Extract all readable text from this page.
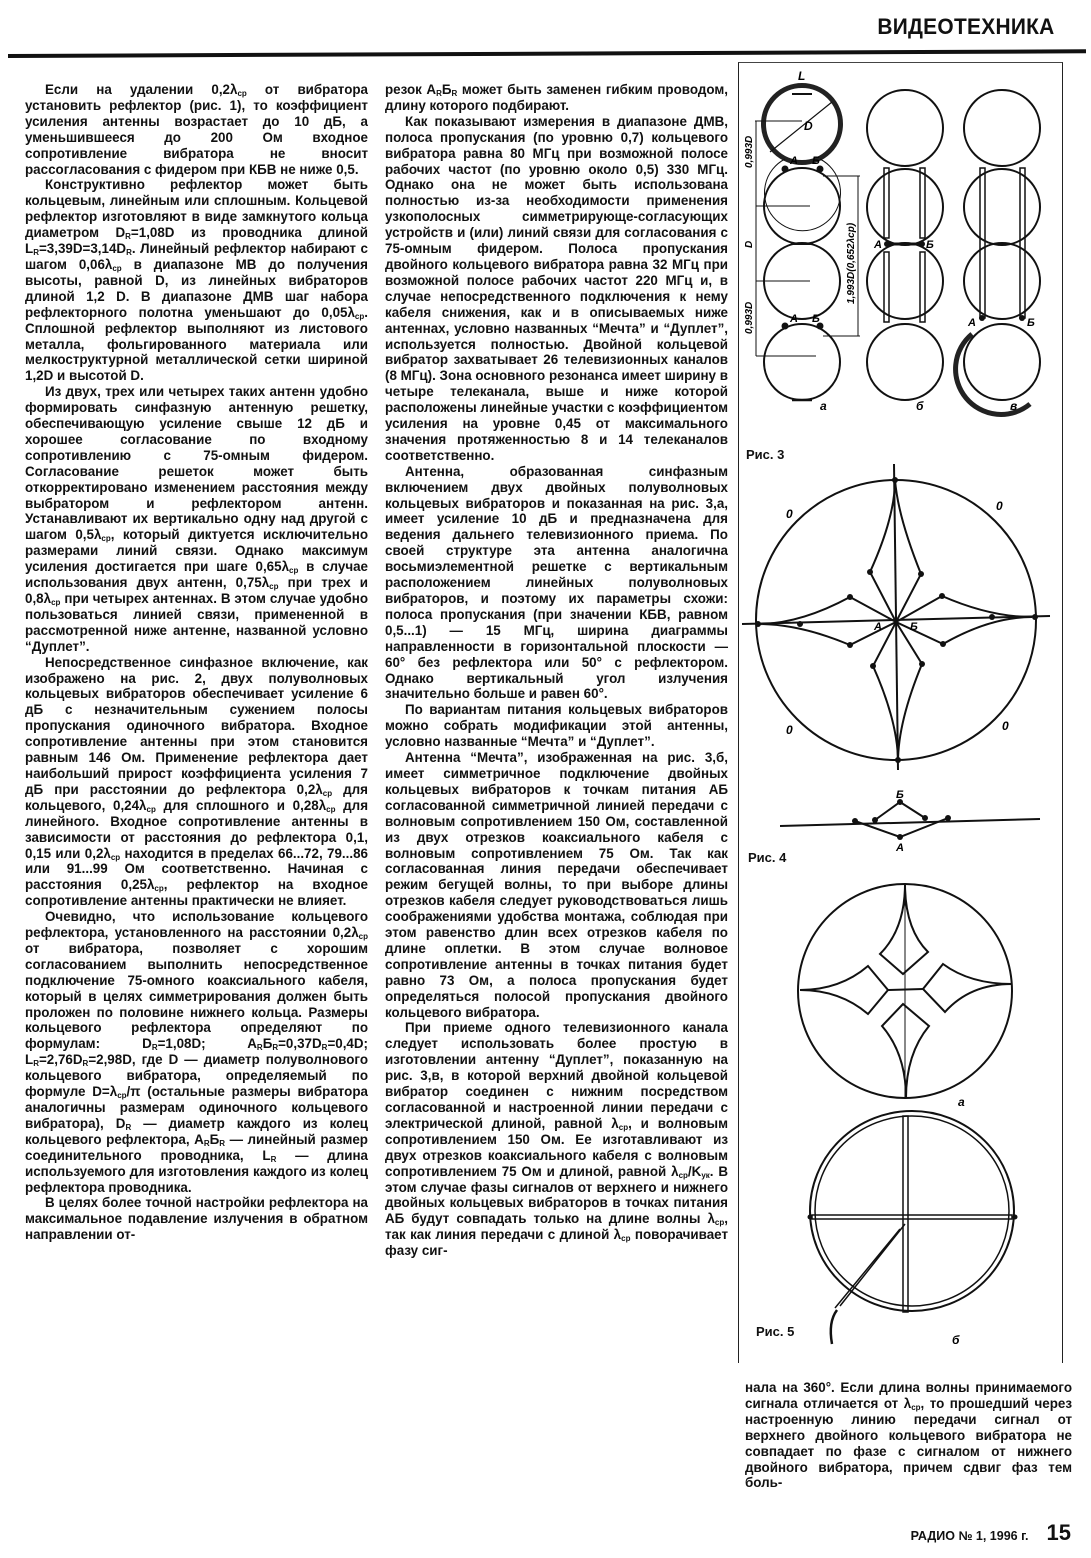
ВИДЕОТЕХНИКА

Если на удалении $0,2\lambda_{ср}$ от вибратора установить рефлектор (рис. 1), то коэффициент усиления антенны возрастает до 10 дБ, а уменьшившееся до 200 Ом входное сопротивление вибратора не вносит рассогласования с фидером при КБВ не ниже 0,5.

Конструктивно рефлектор может быть кольцевым, линейным или сплошным. Кольцевой рефлектор изготовляют в виде замкнутого кольца диаметром $D_R=1,08D$ из проводника длиной $L_R=3,39D=3,14D_R$. Линейный рефлектор набирают с шагом $0,06\lambda_{ср}$ в диапазоне МВ до получения высоты, равной D, из линейных вибраторов длиной 1,2 D. В диапазоне ДМВ шаг набора рефлекторного полотна уменьшают до $0,05\lambda_{ср}$. Сплошной рефлектор выполняют из листового металла, фольгированного материала или мелкоструктурной металлической сетки шириной 1,2D и высотой D.

Из двух, трех или четырех таких антенн удобно формировать синфазную антенную решетку, обеспечивающую усиление свыше 12 дБ и хорошее согласование по входному сопротивлению с 75-омным фидером. Согласование решеток может быть откорректировано изменением расстояния между выбратором и рефлектором антенн. Устанавливают их вертикально одну над другой с шагом $0,5\lambda_{ср}$, который диктуется исключительно размерами линий связи. Однако максимум усиления достигается при шаге $0,65\lambda_{ср}$ в случае использования двух антенн, $0,75\lambda_{ср}$ при трех и $0,8\lambda_{ср}$ при четырех антеннах. В этом случае удобно пользоваться линией связи, примененной в рассмотренной ниже антенне, названной условно “Дуплет”.

Непосредственное синфазное включение, как изображено на рис. 2, двух полуволновых кольцевых вибраторов обеспечивает усиление 6 дБ с незначительным сужением полосы пропускания одиночного вибратора. Входное сопротивление антенны при этом становится равным 146 Ом. Применение рефлектора дает наибольший прирост коэффициента усиления 7 дБ при расстоянии до рефлектора $0,2\lambda_{ср}$ для кольцевого, $0,24\lambda_{ср}$ для сплошного и $0,28\lambda_{ср}$ для линейного. Входное сопротивление антенны в зависимости от расстояния до рефлектора 0,1, 0,15 или $0,2\lambda_{ср}$ находится в пределах 66...72, 79...86 или 91...99 Ом соответственно. Начиная с расстояния $0,25\lambda_{ср}$, рефлектор на входное сопротивление антенны практически не влияет.

Очевидно, что использование кольцевого рефлектора, установленного на расстоянии $0,2\lambda_{ср}$ от вибратора, позволяет с хорошим согласованием выполнить непосредственное подключение 75-омного коаксиального кабеля, который в целях симметрирования должен быть проложен по половине нижнего кольца. Размеры кольцевого рефлектора определяют по формулам: $D_R=1,08D$; $A_RБ_R=0,37D_R=0,4D$; $L_R=2,76D_R=2,98D$, где D — диаметр полуволнового кольцевого вибратора, определяемый по формуле $D=\lambda_{ср}/\pi$ (остальные размеры вибратора аналогичны размерам одиночного кольцевого вибратора), $D_R$ — диаметр каждого из колец кольцевого рефлектора, $A_RБ_R$ — линейный размер соединительного проводника, $L_R$ — длина используемого для изготовления каждого из колец рефлектора проводника.

В целях более точной настройки рефлектора на максимальное подавление излучения в обратном направлении от-

резок $A_RБ_R$ может быть заменен гибким проводом, длину которого подбирают.

Как показывают измерения в диапазоне ДМВ, полоса пропускания (по уровню 0,7) кольцевого вибратора равна 80 МГц при возможной полосе рабочих частот (по уровню около 0,5) 330 МГц. Однако она не может быть использована полностью из-за необходимости применения узкополосных симметрирующе-согласующих устройств и (или) линий связи для согласования с 75-омным фидером. Полоса пропускания двойного кольцевого вибратора равна 32 МГц при возможной полосе рабочих частот 220 МГц и, в случае непосредственного подключения к нему кабеля снижения, как и в описываемых ниже антеннах, условно названных “Мечта” и “Дуплет”, используется полностью. Двойной кольцевой вибратор захватывает 26 телевизионных каналов (8 МГц). Зона основного резонанса имеет ширину в четыре телеканала, выше и ниже которой расположены линейные участки с коэффициентом усиления на уровне 0,45 от максимального значения протяженностью 8 и 14 телеканалов соответственно.

Антенна, образованная синфазным включением двух двойных полуволновых кольцевых вибраторов и показанная на рис. 3,а, имеет усиление 10 дБ и предназначена для ведения дальнего телевизионного приема. По своей структуре эта антенна аналогична восьмиэлементной решетке с вертикальным расположением линейных полуволновых вибраторов, и поэтому их параметры схожи: полоса пропускания (при значении КБВ, равном 0,5...1) — 15 МГц, ширина диаграммы направленности в горизонтальной плоскости — 60° без рефлектора или 50° с рефлектором. Однако вертикальный угол излучения значительно больше и равен 60°.

По вариантам питания кольцевых вибраторов можно собрать модификации этой антенны, условно названные “Мечта” и “Дуплет”.

Антенна “Мечта”, изображенная на рис. 3,б, имеет симметричное подключение двойных кольцевых вибраторов к точкам питания АБ согласованной симметричной линией передачи с волновым сопротивлением 150 Ом, составленной из двух отрезков коаксиального кабеля с волновым сопротивлением 75 Ом. Так как согласованная линия передачи обеспечивает режим бегущей волны, то при выборе длины отрезков кабеля следует руководствоваться лишь соображениями удобства монтажа, соблюдая при этом равенство длин всех отрезков кабеля по длине оплетки. В этом случае волновое сопротивление антенны в точках питания будет равно 73 Ом, а полоса пропускания будет определяться полосой пропускания двойного кольцевого вибратора.

При приеме одного телевизионного канала следует использовать более простую в изготовлении антенну “Дуплет”, показанную на рис. 3,в, в которой верхний двойной кольцевой вибратор соединен с нижним посредством согласованной и настроенной линии передачи с электрической длиной, равной $\lambda_{ср}$, и волновым сопротивлением 150 Ом. Ее изготавливают из двух отрезков коаксиального кабеля с волновым сопротивлением 75 Ом и длиной, равной $\lambda_{ср}/K_{ук}$. В этом случае фазы сигналов от верхнего и нижнего двойных кольцевых вибраторов в точках питания АБ будут совпадать только на длине волны $\lambda_{ср}$, так как линия передачи с длиной $\lambda_{ср}$ поворачивает фазу сиг-

нала на 360°. Если длина волны принимаемого сигнала отличается от $\lambda_{ср}$, то прошедший через настроенную линию передачи сигнал от верхнего двойного кольцевого вибратора не совпадает по фазе с сигналом от нижнего двойного вибратора, причем сдвиг фаз тем боль-

L
D
А Б
А Б
0,993D
D
0,993D
1,993D(0,652λср) А	Б
А	Б
а	б	в
Рис. 3
0
0
0	0
А	Б
Б
А
Рис. 4
а
б
Рис. 5
РАДИО № 1, 1996 г. 15
